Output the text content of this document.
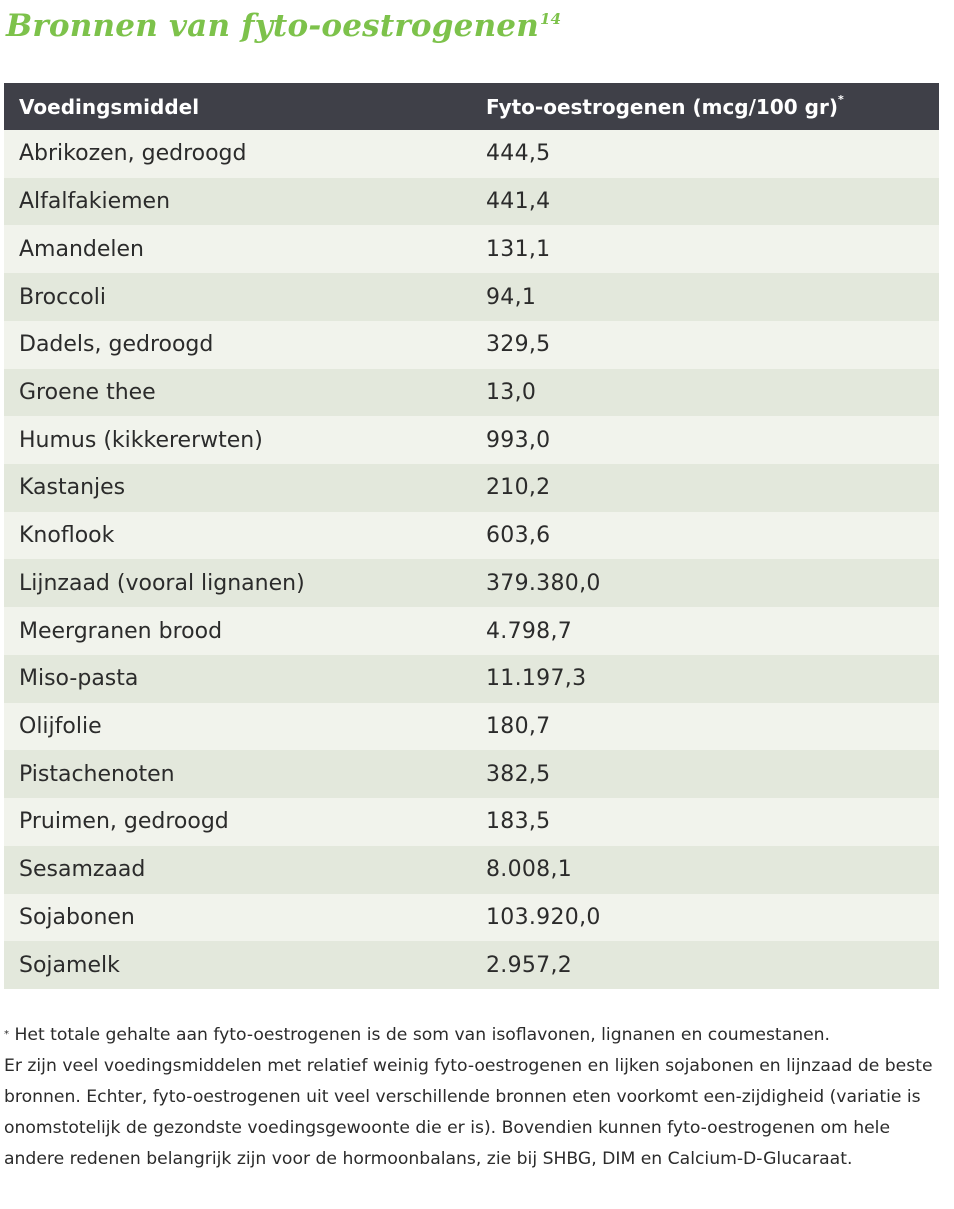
Bronnen van fyto-oestrogenen$^{14}$
Voedingsmiddel	Fyto-oestrogenen (mcg/100 gr)*
Abrikozen, gedroogd	444,5
Alfalfakiemen	441,4
Amandelen	131,1
Broccoli	94,1
Dadels, gedroogd	329,5
Groene thee	13,0
Humus (kikkererwten)	993,0
Kastanjes	210,2
Knoflook	603,6
Lijnzaad (vooral lignanen)	379.380,0
Meergranen brood	4.798,7
Miso-pasta	11.197,3
Olijfolie	180,7
Pistachenoten	382,5
Pruimen, gedroogd	183,5
Sesamzaad	8.008,1
Sojabonen	103.920,0
Sojamelk	2.957,2

* Het totale gehalte aan fyto-oestrogenen is de som van isoflavonen, lignanen en coumestanen.

Er zijn veel voedingsmiddelen met relatief weinig fyto-oestrogenen en lijken sojabonen en lijnzaad de beste bronnen. Echter, fyto-oestrogenen uit veel verschillende bronnen eten voorkomt een-zijdigheid (variatie is onomstotelijk de gezondste voedingsgewoonte die er is). Bovendien kunnen fyto-oestrogenen om hele andere redenen belangrijk zijn voor de hormoonbalans, zie bij SHBG, DIM en Calcium-D-Glucaraat.
